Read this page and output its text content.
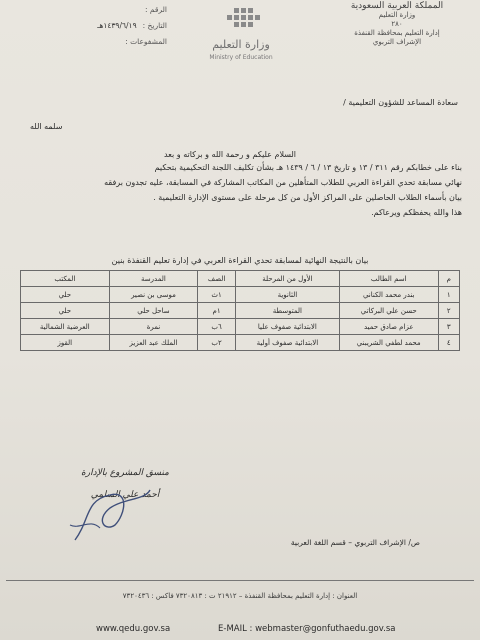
المملكة العربية السعودية
وزارة التعليم
٢٨٠
إدارة التعليم بمحافظة القنفذة
الإشراف التربوي
الرقم :
التاريخ :
١٤٣٩/٦/١٩هـ
المشفوعات :	وزارة التعليم
Ministry of Education
سعادة المساعد للشؤون التعليمية /
سلمه الله
السلام عليكم و رحمة الله و بركاته و بعد
بناء على خطابكم رقم ٣١١ / ١٣ و تاريخ ١٣ / ٦ / ١٤٣٩ هـ بشأن تكليف اللجنة التحكيمية بتحكيم
نهائي مسابقة تحدي القراءة العربي للطلاب المتأهلين من المكاتب المشاركة في المسابقة، عليه تجدون برفقه
بيان بأسماء الطلاب الحاصلين على المراكز الأول من كل مرحلة على مستوى الإدارة التعليمية .
هذا والله يحفظكم ويرعاكم.
بيان بالنتيجة النهائية لمسابقة تحدي القراءة العربي في إدارة تعليم القنفذة بنين
م	اسم الطالب	الأول من المرحلة	الصف	المدرسة	المكتب
١	بندر محمد الكناني	الثانوية	١ث	موسى بن نصير	حلي
٢	حسن علي البركاتي	المتوسطة	١م	ساحل حلي	حلي
٣	عزام صادق حميد	الابتدائية صفوف عليا	٦ب	نمرة	العرضية الشمالية
٤	محمد لطفي الشريبني	الابتدائية صفوف أولية	٢ب	الملك عبد العزيز	القوز
منسق المشروع بالإدارة
أحمد علي السلمي
ص/ الإشراف التربوي – قسم اللغة العربية
العنوان : إدارة التعليم بمحافظة القنفذة – ٢١٩١٢ ت : ٧٣٢٠٨١٣ فاكس : ٧٣٢٠٤٣٦
www.qedu.gov.sa	E-MAIL : webmaster@gonfuthaedu.gov.sa
